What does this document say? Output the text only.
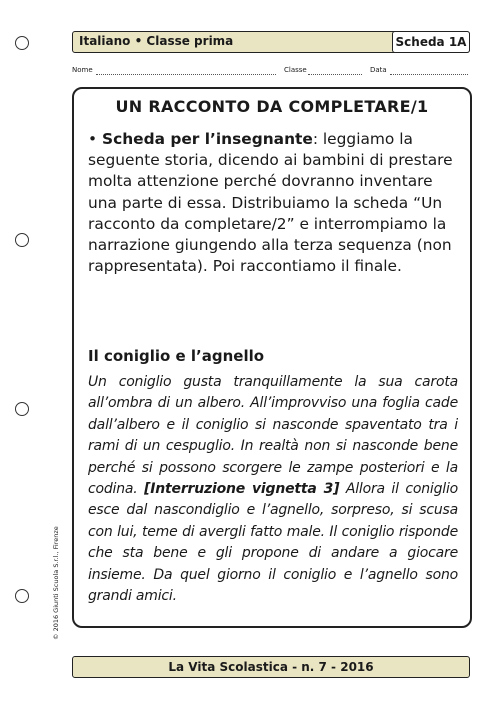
Italiano • Classe prima	Scheda 1A
Nome	Classe	Data
UN RACCONTO DA COMPLETARE/1
• Scheda per l’insegnante: leggiamo la seguente storia, dicendo ai bambini di prestare molta attenzione perché dovranno inventare una parte di essa. Distribuiamo la scheda “Un racconto da completare/2” e interrompiamo la narrazione giungendo alla terza sequenza (non rappresentata). Poi raccontiamo il finale.
Il coniglio e l’agnello
Un coniglio gusta tranquillamente la sua carota all’ombra di un albero. All’improvviso una foglia cade dall’albero e il coniglio si nasconde spaventato tra i rami di un cespuglio. In realtà non si nasconde bene perché si possono scorgere le zampe posteriori e la codina. [Interruzione vignetta 3] Allora il coniglio esce dal nascondiglio e l’agnello, sorpreso, si scusa con lui, teme di avergli fatto male. Il coniglio risponde che sta bene e gli propone di andare a giocare insieme. Da quel giorno il coniglio e l’agnello sono grandi amici.
© 2016 Giunti Scuola S.r.l., Firenze
La Vita Scolastica - n. 7 - 2016
